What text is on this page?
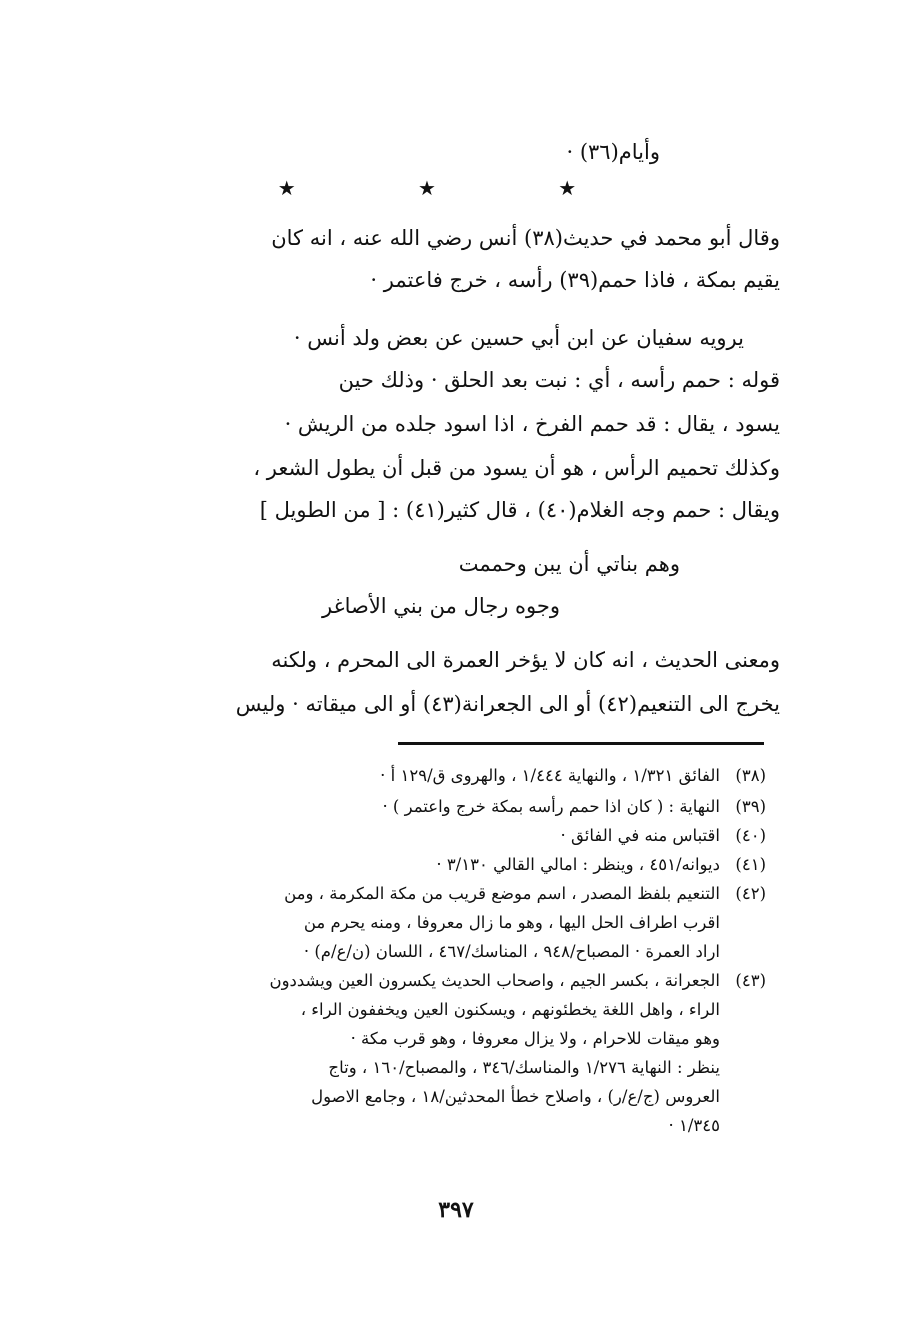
وأيام(٣٦) ·
★ ★ ★
وقال أبو محمد في حديث(٣٨) أنس رضي الله عنه ، انه كان
يقيم بمكة ، فاذا حمم(٣٩) رأسه ، خرج فاعتمر ·
يرويه سفيان عن ابن أبي حسين عن بعض ولد أنس ·
قوله : حمم رأسه ، أي : نبت بعد الحلق · وذلك حين
يسود ، يقال : قد حمم الفرخ ، اذا اسود جلده من الريش ·
وكذلك تحميم الرأس ، هو أن يسود من قبل أن يطول الشعر ،
ويقال : حمم وجه الغلام(٤٠) ، قال كثير(٤١) : [ من الطويل ]
وهم بناتي أن يبن وحممت
وجوه رجال من بني الأصاغر
ومعنى الحديث ، انه كان لا يؤخر العمرة الى المحرم ، ولكنه
يخرج الى التنعيم(٤٢) أو الى الجعرانة(٤٣) أو الى ميقاته · وليس
(٣٨)
الفائق ١/٣٢١ ، والنهاية ١/٤٤٤ ، والهروى ق/١٢٩ أ ·
(٣٩)
النهاية : ( كان اذا حمم رأسه بمكة خرج واعتمر ) ·
(٤٠)
اقتباس منه في الفائق ·
(٤١)
ديوانه/٤٥١ ، وينظر : امالي القالي ٣/١٣٠ ·
(٤٢)
التنعيم بلفظ المصدر ، اسم موضع قريب من مكة المكرمة ، ومن
اقرب اطراف الحل اليها ، وهو ما زال معروفا ، ومنه يحرم من
اراد العمرة · المصباح/٩٤٨ ، المناسك/٤٦٧ ، اللسان (ن/ع/م) ·
(٤٣)
الجعرانة ، بكسر الجيم ، واصحاب الحديث يكسرون العين ويشددون
الراء ، واهل اللغة يخطئونهم ، ويسكنون العين ويخففون الراء ،
وهو ميقات للاحرام ، ولا يزال معروفا ، وهو قرب مكة ·
ينظر : النهاية ١/٢٧٦ والمناسك/٣٤٦ ، والمصباح/١٦٠ ، وتاج
العروس (ج/ع/ر) ، واصلاح خطأ المحدثين/١٨ ، وجامع الاصول
١/٣٤٥ ·
٣٩٧
